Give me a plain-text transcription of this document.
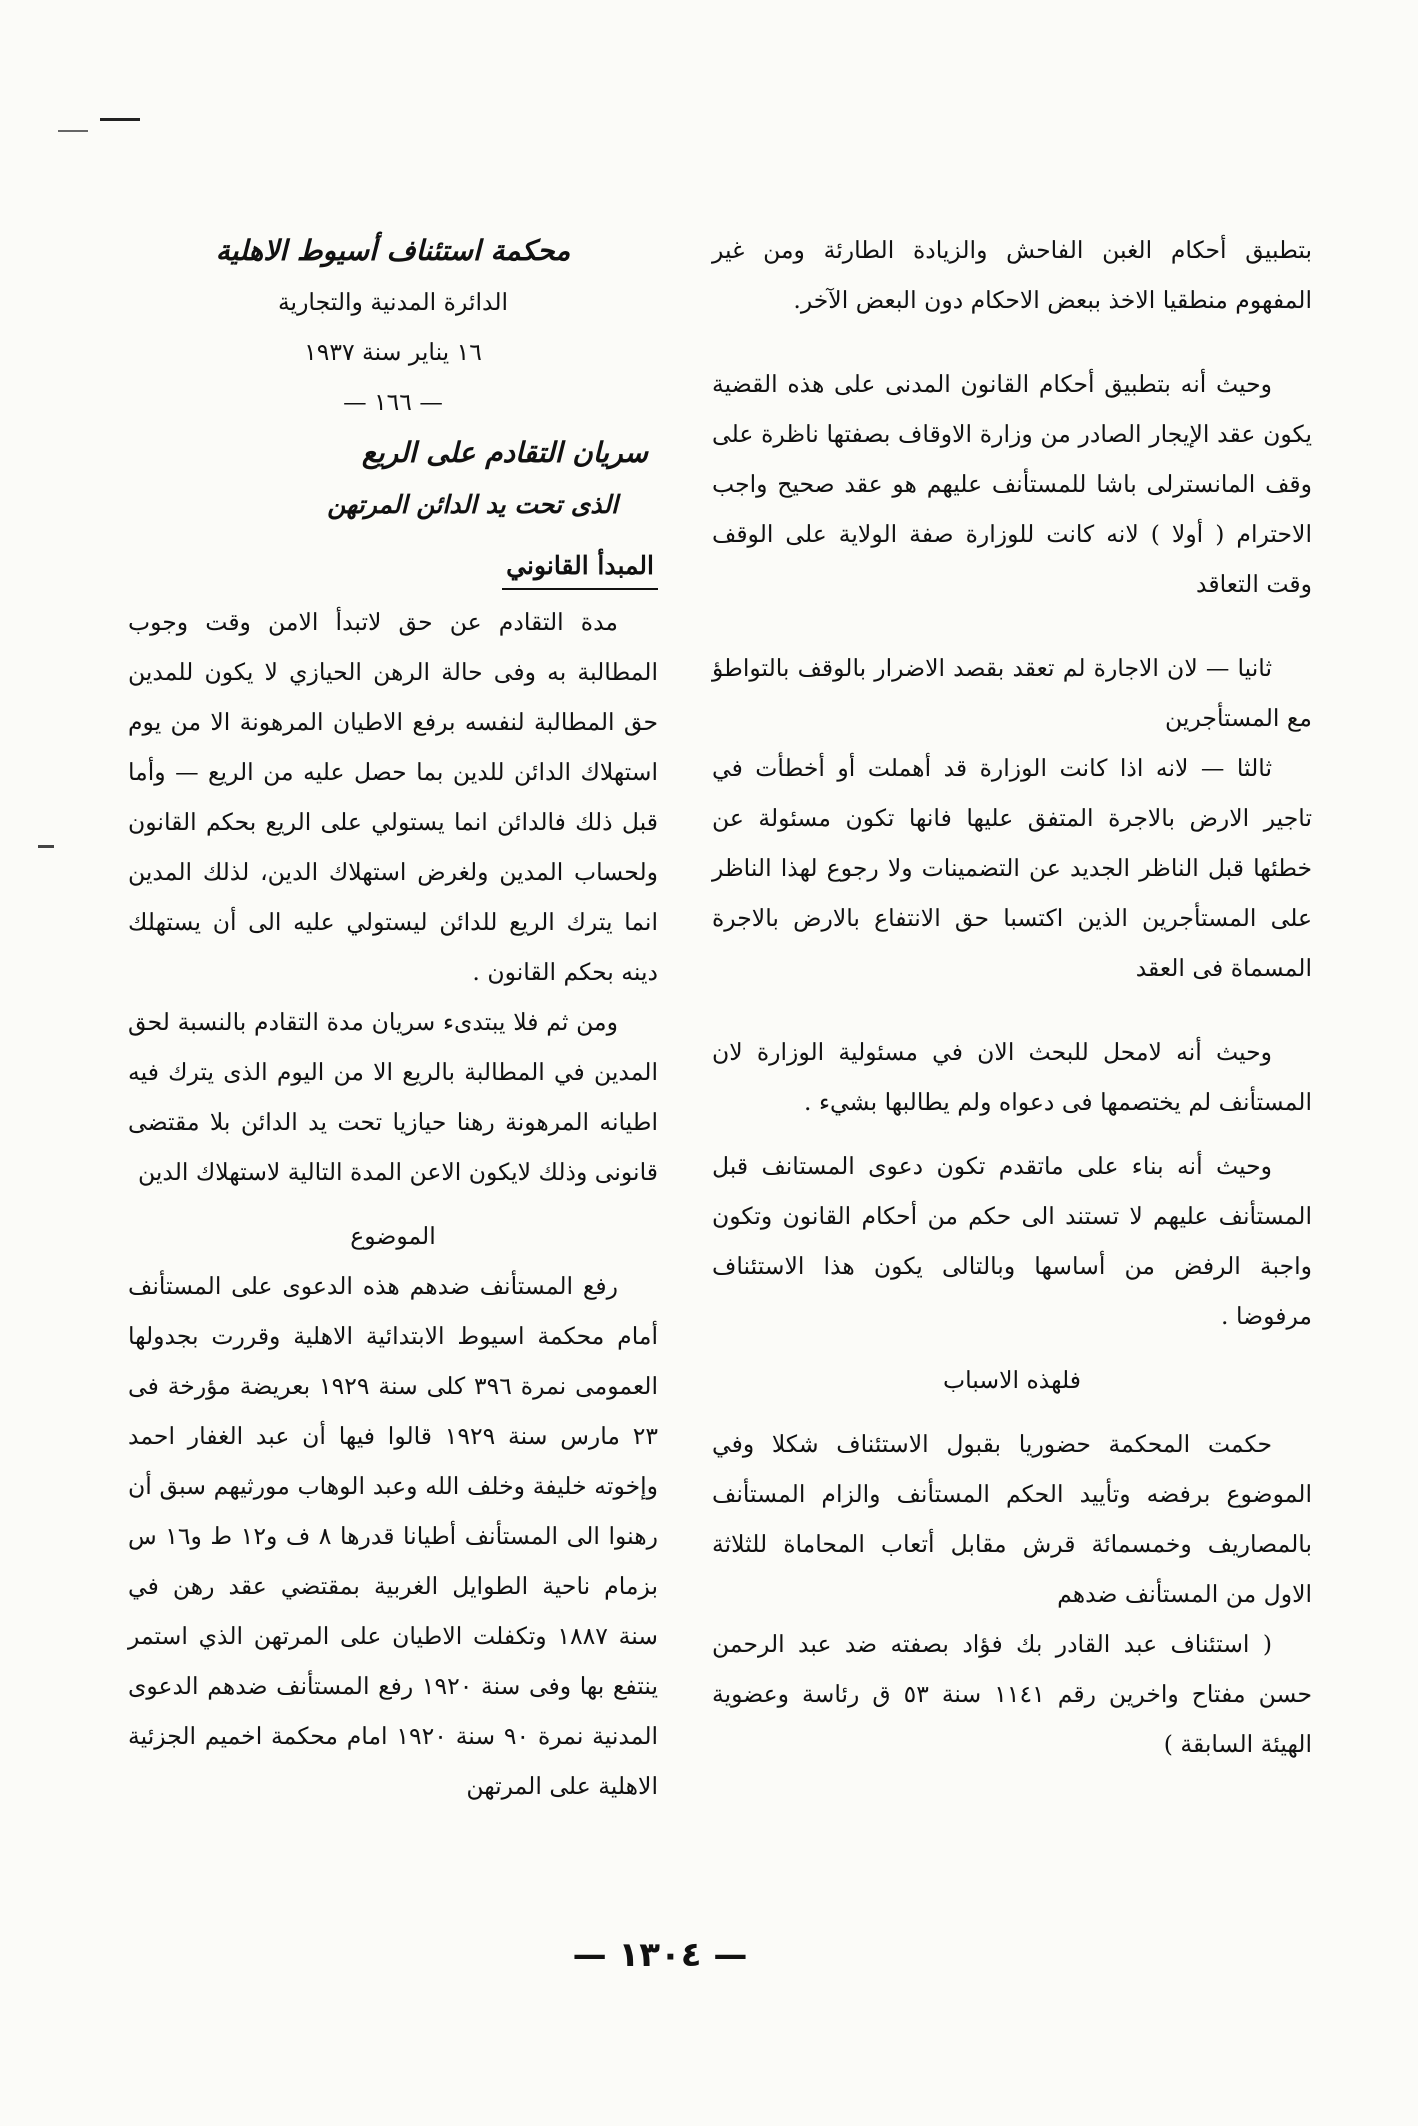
بتطبيق أحكام الغبن الفاحش والزيادة الطارئة ومن غير المفهوم منطقيا الاخذ ببعض الاحكام دون البعض الآخر.

وحيث أنه بتطبيق أحكام القانون المدنى على هذه القضية يكون عقد الإيجار الصادر من وزارة الاوقاف بصفتها ناظرة على وقف المانسترلى باشا للمستأنف عليهم هو عقد صحيح واجب الاحترام ( أولا ) لانه كانت للوزارة صفة الولاية على الوقف وقت التعاقد

ثانيا — لان الاجارة لم تعقد بقصد الاضرار بالوقف بالتواطؤ مع المستأجرين

ثالثا — لانه اذا كانت الوزارة قد أهملت أو أخطأت في تاجير الارض بالاجرة المتفق عليها فانها تكون مسئولة عن خطئها قبل الناظر الجديد عن التضمينات ولا رجوع لهذا الناظر على المستأجرين الذين اكتسبا حق الانتفاع بالارض بالاجرة المسماة فى العقد

وحيث أنه لامحل للبحث الان في مسئولية الوزارة لان المستأنف لم يختصمها فى دعواه ولم يطالبها بشيء .

وحيث أنه بناء على ماتقدم تكون دعوى المستانف قبل المستأنف عليهم لا تستند الى حكم من أحكام القانون وتكون واجبة الرفض من أساسها وبالتالى يكون هذا الاستئناف مرفوضا .

فلهذه الاسباب

حكمت المحكمة حضوريا بقبول الاستئناف شكلا وفي الموضوع برفضه وتأييد الحكم المستأنف والزام المستأنف بالمصاريف وخمسمائة قرش مقابل أتعاب المحاماة للثلاثة الاول من المستأنف ضدهم

( استئناف عبد القادر بك فؤاد بصفته ضد عبد الرحمن حسن مفتاح واخرين رقم ١١٤١ سنة ٥٣ ق رئاسة وعضوية الهيئة السابقة )

محكمة استئناف أسيوط الاهلية

الدائرة المدنية والتجارية

١٦ يناير سنة ١٩٣٧

— ١٦٦ —

سريان التقادم على الريع

الذى تحت يد الدائن المرتهن

المبدأ القانوني

مدة التقادم عن حق لاتبدأ الامن وقت وجوب المطالبة به وفى حالة الرهن الحيازي لا يكون للمدين حق المطالبة لنفسه برفع الاطيان المرهونة الا من يوم استهلاك الدائن للدين بما حصل عليه من الريع — وأما قبل ذلك فالدائن انما يستولي على الريع بحكم القانون ولحساب المدين ولغرض استهلاك الدين، لذلك المدين انما يترك الريع للدائن ليستولي عليه الى أن يستهلك دينه بحكم القانون .

ومن ثم فلا يبتدىء سريان مدة التقادم بالنسبة لحق المدين في المطالبة بالريع الا من اليوم الذى يترك فيه اطيانه المرهونة رهنا حيازيا تحت يد الدائن بلا مقتضى قانونى وذلك لايكون الاعن المدة التالية لاستهلاك الدين

الموضوع

رفع المستأنف ضدهم هذه الدعوى على المستأنف أمام محكمة اسيوط الابتدائية الاهلية وقررت بجدولها العمومى نمرة ٣٩٦ كلى سنة ١٩٢٩ بعريضة مؤرخة فى ٢٣ مارس سنة ١٩٢٩ قالوا فيها أن عبد الغفار احمد وإخوته خليفة وخلف الله وعبد الوهاب مورثيهم سبق أن رهنوا الى المستأنف أطيانا قدرها ٨ ف و١٢ ط و١٦ س بزمام ناحية الطوايل الغربية بمقتضي عقد رهن في سنة ١٨٨٧ وتكفلت الاطيان على المرتهن الذي استمر ينتفع بها وفى سنة ١٩٢٠ رفع المستأنف ضدهم الدعوى المدنية نمرة ٩٠ سنة ١٩٢٠ امام محكمة اخميم الجزئية الاهلية على المرتهن

— ١٣٠٤ —
